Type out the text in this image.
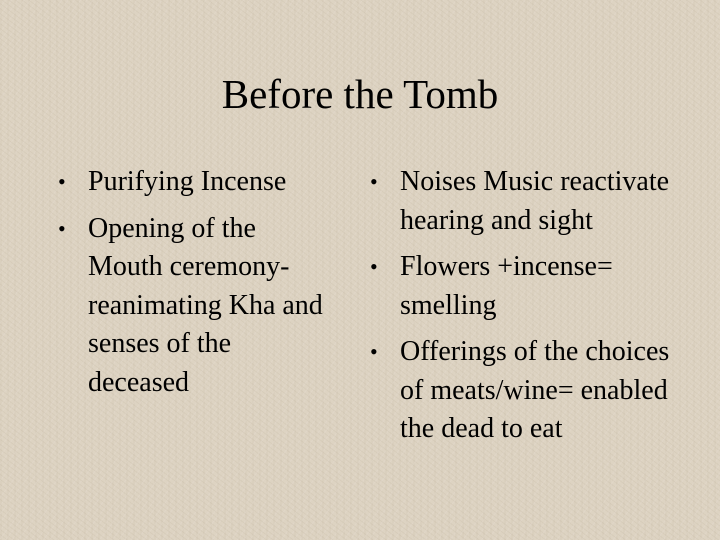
Before the Tomb
• Purifying Incense
• Opening of the Mouth ceremony-reanimating Kha and senses of the deceased
• Noises Music reactivate hearing and sight
• Flowers +incense= smelling
• Offerings of the choices of meats/wine= enabled the dead to eat
